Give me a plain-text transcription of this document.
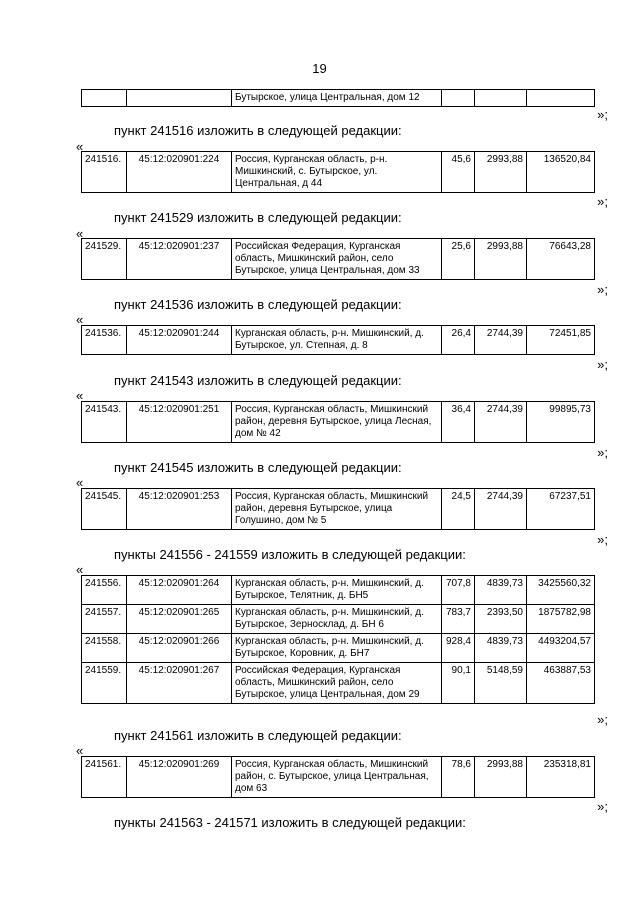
19
		Бутырское, улица Центральная, дом 12			
»;
пункт 241516 изложить в следующей редакции:
«
241516.	45:12:020901:224	Россия, Курганская область, р-н. Мишкинский, с. Бутырское, ул. Центральная, д 44	45,6	2993,88	136520,84
»;
пункт 241529 изложить в следующей редакции:
«
241529.	45:12:020901:237	Российская Федерация, Курганская область, Мишкинский район, село Бутырское, улица Центральная, дом 33	25,6	2993,88	76643,28
»;
пункт 241536 изложить в следующей редакции:
«
241536.	45:12:020901:244	Курганская область, р-н. Мишкинский, д. Бутырское, ул. Степная, д. 8	26,4	2744,39	72451,85
»;
пункт 241543 изложить в следующей редакции:
«
241543.	45:12:020901:251	Россия, Курганская область, Мишкинский район, деревня Бутырское, улица Лесная, дом № 42	36,4	2744,39	99895,73
»;
пункт 241545 изложить в следующей редакции:
«
241545.	45:12:020901:253	Россия, Курганская область, Мишкинский район, деревня Бутырское, улица Голушино, дом № 5	24,5	2744,39	67237,51
»;
пункты 241556 - 241559 изложить в следующей редакции:
«
241556.	45:12:020901:264	Курганская область, р-н. Мишкинский, д. Бутырское, Телятник, д. БН5	707,8	4839,73	3425560,32
241557.	45:12:020901:265	Курганская область, р-н. Мишкинский, д. Бутырское, Зерносклад, д. БН 6	783,7	2393,50	1875782,98
241558.	45:12:020901:266	Курганская область, р-н. Мишкинский, д. Бутырское, Коровник, д. БН7	928,4	4839,73	4493204,57
241559.	45:12:020901:267	Российская Федерация, Курганская область, Мишкинский район, село Бутырское, улица Центральная, дом 29	90,1	5148,59	463887,53
»;
пункт 241561 изложить в следующей редакции:
«
241561.	45:12:020901:269	Россия, Курганская область, Мишкинский район, с. Бутырское, улица Центральная, дом 63	78,6	2993,88	235318,81
»;
пункты 241563 - 241571 изложить в следующей редакции:
